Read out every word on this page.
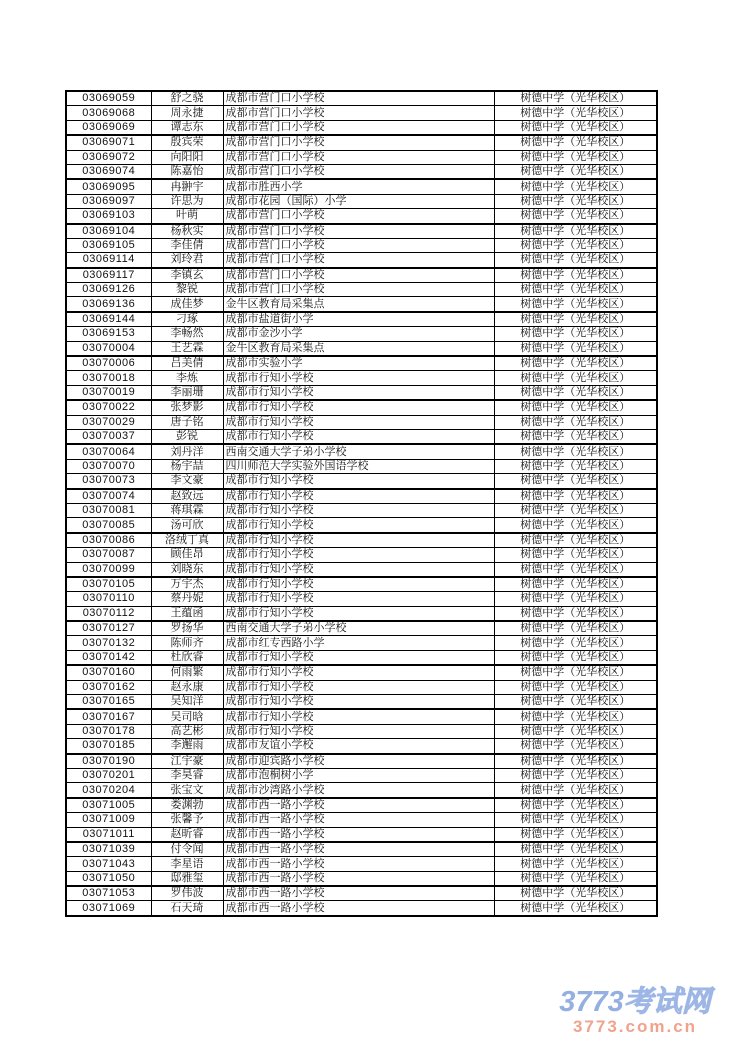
03069059	舒之骁	成都市营门口小学校	树德中学（光华校区）
03069068	周永捷	成都市营门口小学校	树德中学（光华校区）
03069069	谭志东	成都市营门口小学校	树德中学（光华校区）
03069071	殷宾荣	成都市营门口小学校	树德中学（光华校区）
03069072	向阳阳	成都市营门口小学校	树德中学（光华校区）
03069074	陈嘉怡	成都市营门口小学校	树德中学（光华校区）
03069095	冉翀宇	成都市胜西小学	树德中学（光华校区）
03069097	许思为	成都市花园（国际）小学	树德中学（光华校区）
03069103	叶萌	成都市营门口小学校	树德中学（光华校区）
03069104	杨秋实	成都市营门口小学校	树德中学（光华校区）
03069105	李佳倩	成都市营门口小学校	树德中学（光华校区）
03069114	刘玲君	成都市营门口小学校	树德中学（光华校区）
03069117	李镇玄	成都市营门口小学校	树德中学（光华校区）
03069126	黎锐	成都市营门口小学校	树德中学（光华校区）
03069136	成佳梦	金牛区教育局采集点	树德中学（光华校区）
03069144	刁琢	成都市盐道街小学	树德中学（光华校区）
03069153	李畅然	成都市金沙小学	树德中学（光华校区）
03070004	王艺霖	金牛区教育局采集点	树德中学（光华校区）
03070006	吕美倩	成都市实验小学	树德中学（光华校区）
03070018	李炼	成都市行知小学校	树德中学（光华校区）
03070019	李丽珊	成都市行知小学校	树德中学（光华校区）
03070022	张梦影	成都市行知小学校	树德中学（光华校区）
03070029	唐子铭	成都市行知小学校	树德中学（光华校区）
03070037	彭锐	成都市行知小学校	树德中学（光华校区）
03070064	刘丹洋	西南交通大学子弟小学校	树德中学（光华校区）
03070070	杨宇喆	四川师范大学实验外国语学校	树德中学（光华校区）
03070073	李文豪	成都市行知小学校	树德中学（光华校区）
03070074	赵致远	成都市行知小学校	树德中学（光华校区）
03070081	蒋琪霖	成都市行知小学校	树德中学（光华校区）
03070085	汤可欣	成都市行知小学校	树德中学（光华校区）
03070086	洛绒丁真	成都市行知小学校	树德中学（光华校区）
03070087	顾佳昂	成都市行知小学校	树德中学（光华校区）
03070099	刘晓东	成都市行知小学校	树德中学（光华校区）
03070105	万宇杰	成都市行知小学校	树德中学（光华校区）
03070110	蔡丹妮	成都市行知小学校	树德中学（光华校区）
03070112	王蕴函	成都市行知小学校	树德中学（光华校区）
03070127	罗扬华	西南交通大学子弟小学校	树德中学（光华校区）
03070132	陈师齐	成都市红专西路小学	树德中学（光华校区）
03070142	杜欣睿	成都市行知小学校	树德中学（光华校区）
03070160	何雨繁	成都市行知小学校	树德中学（光华校区）
03070162	赵永康	成都市行知小学校	树德中学（光华校区）
03070165	吴知洋	成都市行知小学校	树德中学（光华校区）
03070167	吴司晗	成都市行知小学校	树德中学（光华校区）
03070178	高艺彬	成都市行知小学校	树德中学（光华校区）
03070185	李邂雨	成都市友谊小学校	树德中学（光华校区）
03070190	江宇豪	成都市迎宾路小学校	树德中学（光华校区）
03070201	李昊睿	成都市泡桐树小学	树德中学（光华校区）
03070204	张宝文	成都市沙湾路小学校	树德中学（光华校区）
03071005	娄渊勃	成都市西一路小学校	树德中学（光华校区）
03071009	张馨予	成都市西一路小学校	树德中学（光华校区）
03071011	赵昕睿	成都市西一路小学校	树德中学（光华校区）
03071039	付令闻	成都市西一路小学校	树德中学（光华校区）
03071043	李星语	成都市西一路小学校	树德中学（光华校区）
03071050	邸雅玺	成都市西一路小学校	树德中学（光华校区）
03071053	罗伟波	成都市西一路小学校	树德中学（光华校区）
03071069	石天琦	成都市西一路小学校	树德中学（光华校区）
3773考试网
3773.com.cn
